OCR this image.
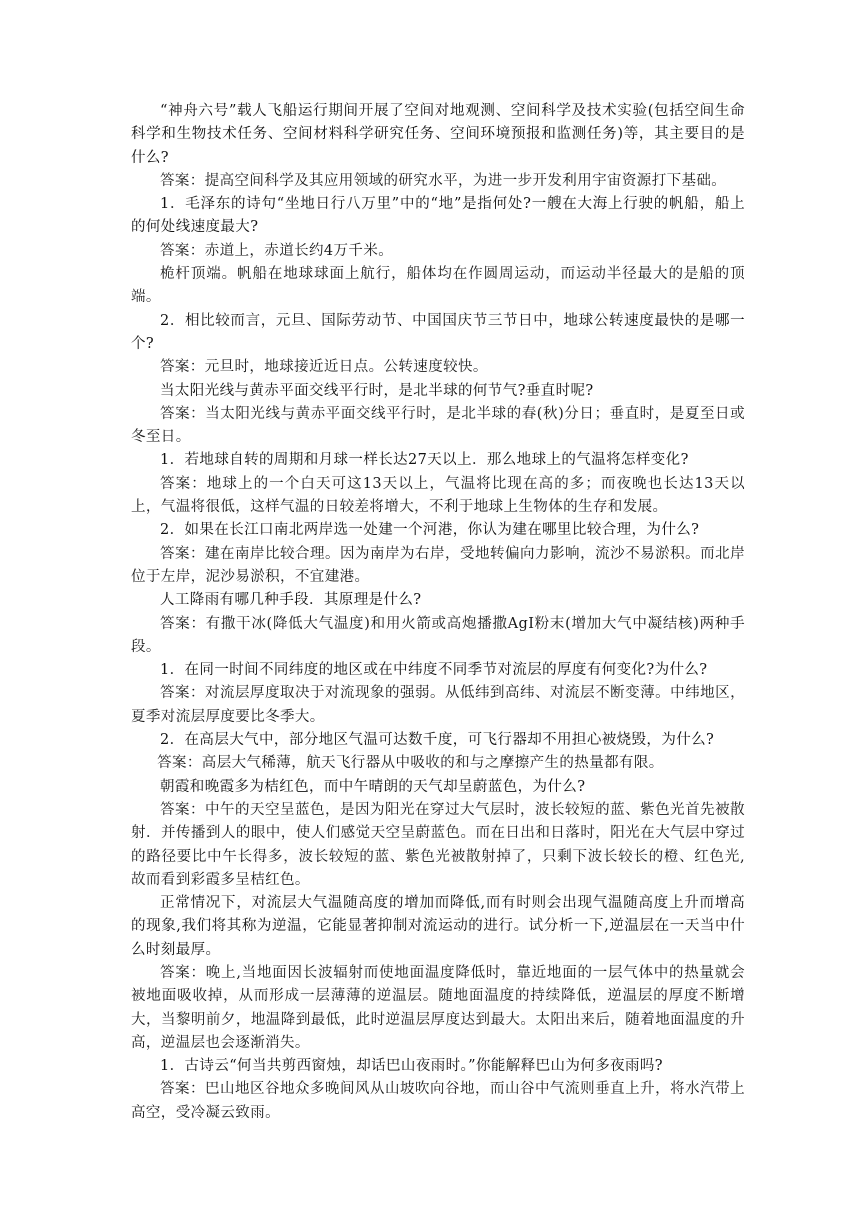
“神舟六号”载人飞船运行期间开展了空间对地观测、空间科学及技术实验(包括空间生命科学和生物技术任务、空间材料科学研究任务、空间环境预报和监测任务)等，其主要目的是什么?

答案：提高空间科学及其应用领域的研究水平，为进一步开发利用宇宙资源打下基础。

1．毛泽东的诗句“坐地日行八万里”中的“地”是指何处?一艘在大海上行驶的帆船，船上的何处线速度最大?

答案：赤道上，赤道长约4万千米。

桅杆顶端。帆船在地球球面上航行，船体均在作圆周运动，而运动半径最大的是船的顶端。

2．相比较而言，元旦、国际劳动节、中国国庆节三节日中，地球公转速度最快的是哪一个?

答案：元旦时，地球接近近日点。公转速度较快。

当太阳光线与黄赤平面交线平行时，是北半球的何节气?垂直时呢?

答案：当太阳光线与黄赤平面交线平行时，是北半球的春(秋)分日；垂直时，是夏至日或冬至日。

1．若地球自转的周期和月球一样长达27天以上．那么地球上的气温将怎样变化?

答案：地球上的一个白天可这13天以上，气温将比现在高的多；而夜晚也长达13天以上，气温将很低，这样气温的日较差将增大，不利于地球上生物体的生存和发展。

2．如果在长江口南北两岸选一处建一个河港，你认为建在哪里比较合理，为什么?

答案：建在南岸比较合理。因为南岸为右岸，受地转偏向力影响，流沙不易淤积。而北岸位于左岸，泥沙易淤积，不宜建港。

人工降雨有哪几种手段．其原理是什么?

答案：有撒干冰(降低大气温度)和用火箭或高炮播撒AgI粉末(增加大气中凝结核)两种手段。

1．在同一时间不同纬度的地区或在中纬度不同季节对流层的厚度有何变化?为什么?

答案：对流层厚度取决于对流现象的强弱。从低纬到高纬、对流层不断变薄。中纬地区，夏季对流层厚度要比冬季大。

2．在高层大气中，部分地区气温可达数千度，可飞行器却不用担心被烧毁，为什么?

答案：高层大气稀薄，航天飞行器从中吸收的和与之摩擦产生的热量都有限。

朝霞和晚霞多为桔红色，而中午晴朗的天气却呈蔚蓝色，为什么?

答案：中午的天空呈蓝色，是因为阳光在穿过大气层时，波长较短的蓝、紫色光首先被散射．并传播到人的眼中，使人们感觉天空呈蔚蓝色。而在日出和日落时，阳光在大气层中穿过的路径要比中午长得多，波长较短的蓝、紫色光被散射掉了，只剩下波长较长的橙、红色光,故而看到彩霞多呈桔红色。

正常情况下，对流层大气温随高度的增加而降低,而有时则会出现气温随高度上升而增高的现象,我们将其称为逆温，它能显著抑制对流运动的进行。试分析一下,逆温层在一天当中什么时刻最厚。

答案：晚上,当地面因长波辐射而使地面温度降低时，靠近地面的一层气体中的热量就会被地面吸收掉，从而形成一层薄薄的逆温层。随地面温度的持续降低，逆温层的厚度不断增大，当黎明前夕，地温降到最低，此时逆温层厚度达到最大。太阳出来后，随着地面温度的升高，逆温层也会逐渐消失。

1．古诗云“何当共剪西窗烛，却话巴山夜雨时。”你能解释巴山为何多夜雨吗?

答案：巴山地区谷地众多晚间风从山坡吹向谷地，而山谷中气流则垂直上升，将水汽带上高空，受冷凝云致雨。
